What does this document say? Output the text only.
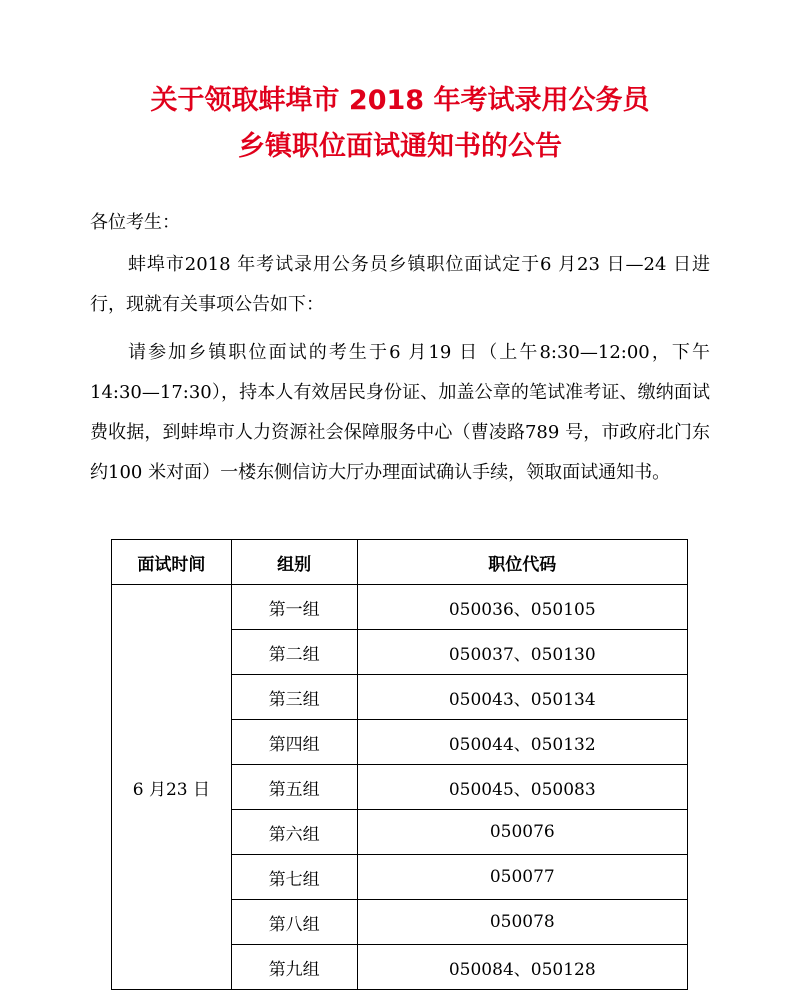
关于领取蚌埠市 2018 年考试录用公务员
乡镇职位面试通知书的公告
各位考生：
蚌埠市2018 年考试录用公务员乡镇职位面试定于6 月23 日—24 日进行，现就有关事项公告如下：
请参加乡镇职位面试的考生于6 月19 日（上午8:30—12:00，下午14:30—17:30），持本人有效居民身份证、加盖公章的笔试准考证、缴纳面试费收据，到蚌埠市人力资源社会保障服务中心（曹凌路789 号，市政府北门东约100 米对面）一楼东侧信访大厅办理面试确认手续，领取面试通知书。
面试时间	组别	职位代码
6 月23 日	第一组	050036、050105
	第二组	050037、050130
	第三组	050043、050134
	第四组	050044、050132
	第五组	050045、050083
	第六组	050076
	第七组	050077
	第八组	050078
	第九组	050084、050128
